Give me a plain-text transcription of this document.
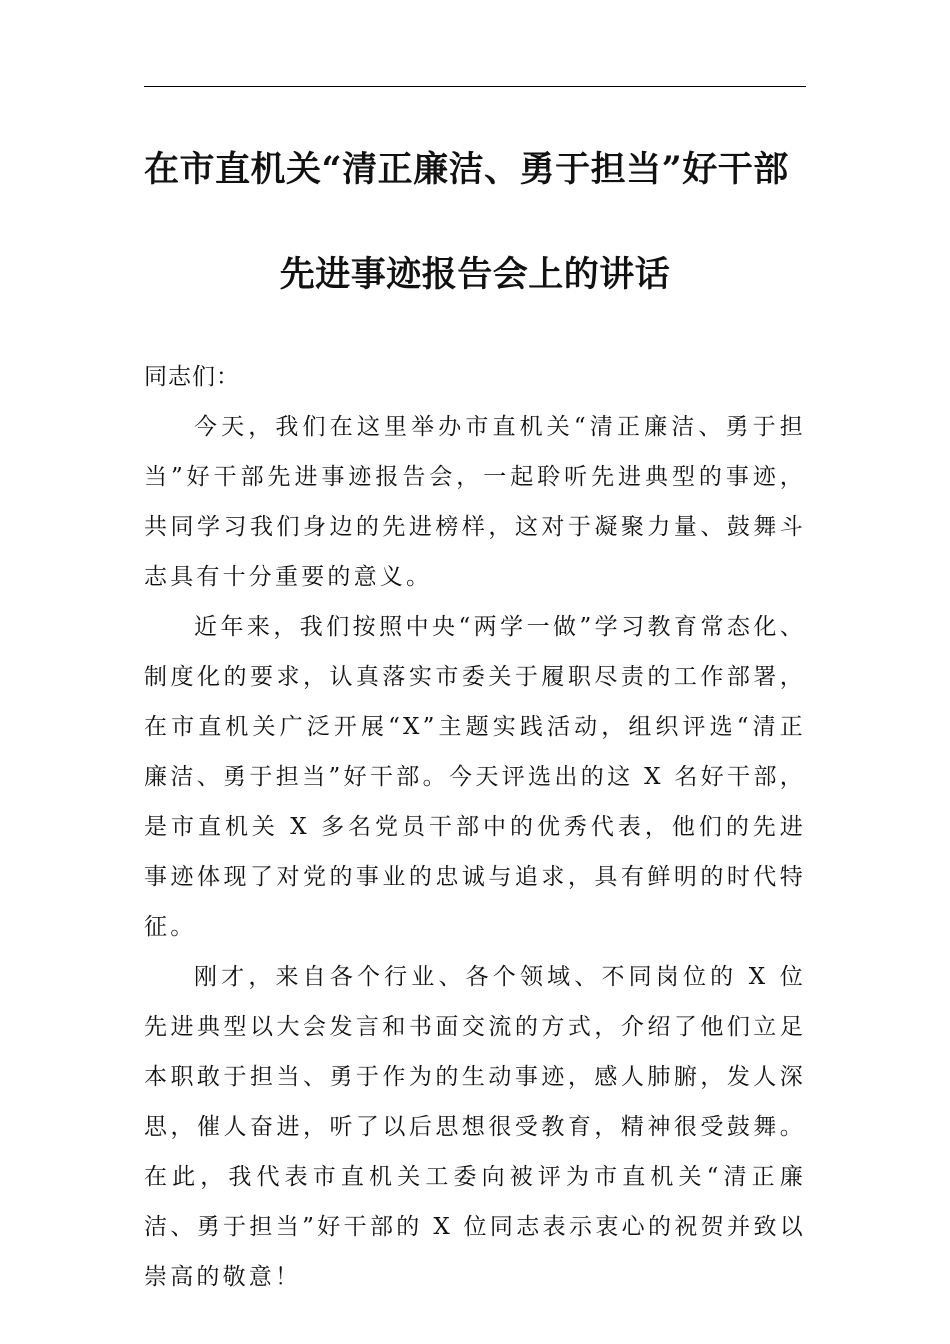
在市直机关“清正廉洁、勇于担当”好干部
先进事迹报告会上的讲话

同志们：

今天，我们在这里举办市直机关“清正廉洁、勇于担当”好干部先进事迹报告会，一起聆听先进典型的事迹，共同学习我们身边的先进榜样，这对于凝聚力量、鼓舞斗志具有十分重要的意义。

近年来，我们按照中央“两学一做”学习教育常态化、制度化的要求，认真落实市委关于履职尽责的工作部署，在市直机关广泛开展“X”主题实践活动，组织评选“清正廉洁、勇于担当”好干部。今天评选出的这 X 名好干部，是市直机关 X 多名党员干部中的优秀代表，他们的先进事迹体现了对党的事业的忠诚与追求，具有鲜明的时代特征。

刚才，来自各个行业、各个领域、不同岗位的 X 位先进典型以大会发言和书面交流的方式，介绍了他们立足本职敢于担当、勇于作为的生动事迹，感人肺腑，发人深思，催人奋进，听了以后思想很受教育，精神很受鼓舞。在此，我代表市直机关工委向被评为市直机关“清正廉洁、勇于担当”好干部的 X 位同志表示衷心的祝贺并致以崇高的敬意！
